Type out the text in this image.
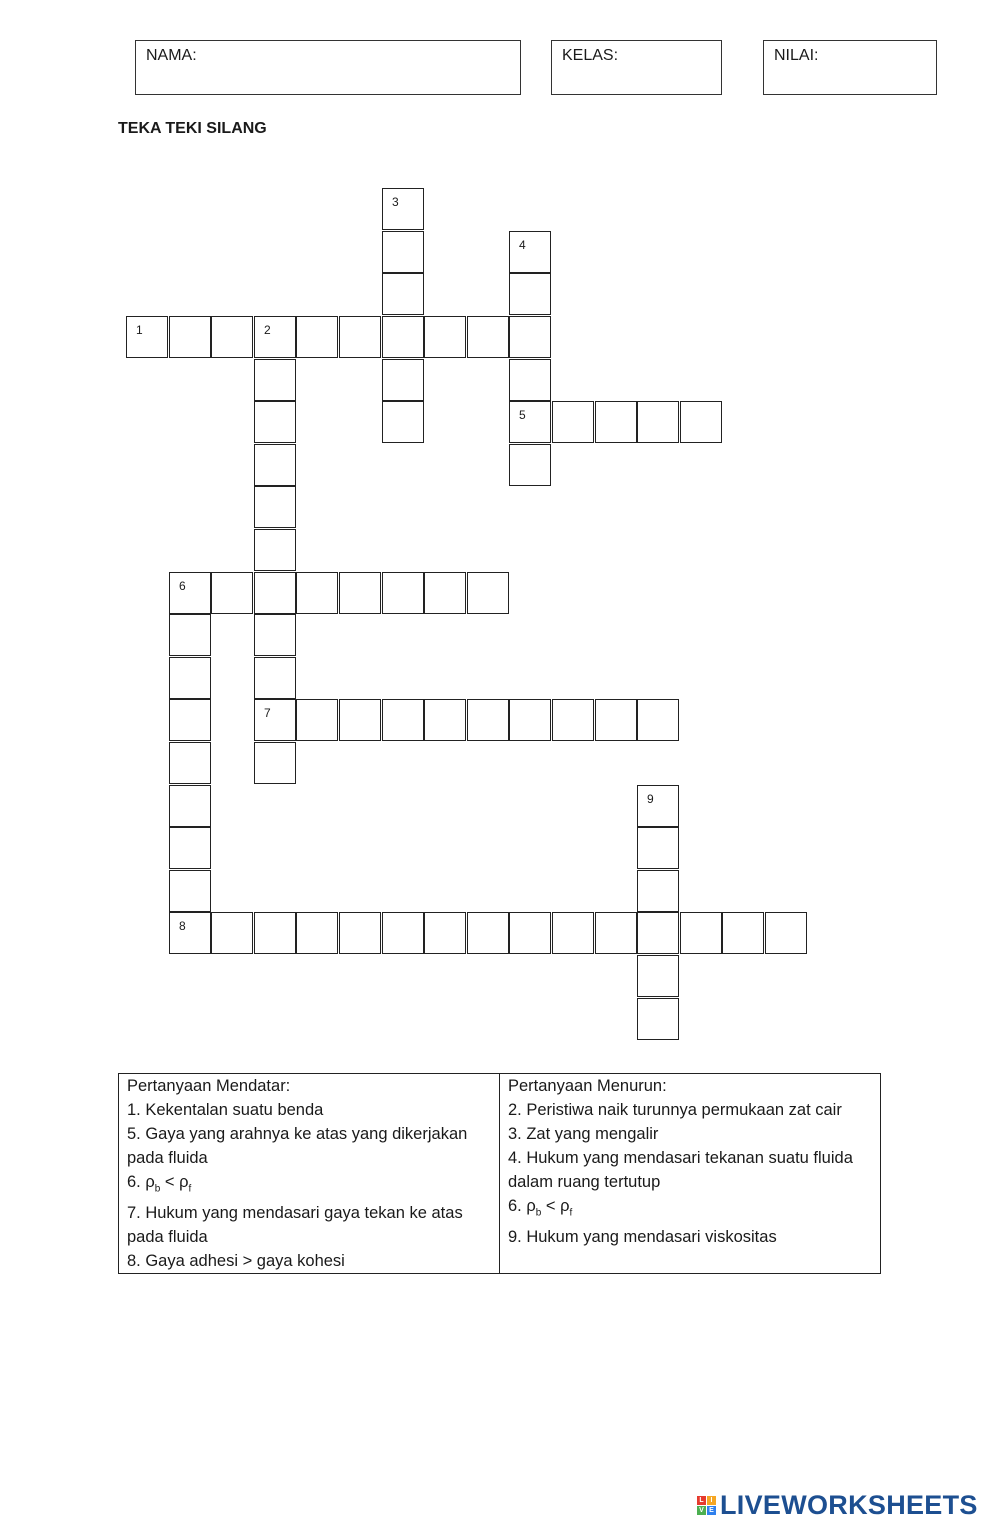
NAMA:	KELAS:	NILAI:
TEKA TEKI SILANG
1	2
7
3
4
5
6
8
9
Pertanyaan Mendatar:
1. Kekentalan suatu benda
5. Gaya yang arahnya ke atas yang dikerjakan pada fluida
6. $\rho_b < \rho_f$
7. Hukum yang mendasari gaya tekan ke atas pada fluida
8. Gaya adhesi > gaya kohesi

Pertanyaan Menurun:
2. Peristiwa naik turunnya permukaan zat cair
3. Zat yang mengalir
4. Hukum yang mendasari tekanan suatu fluida dalam ruang tertutup
6. $\rho_b < \rho_f$
9. Hukum yang mendasari viskositas
L I
V E LIVEWORKSHEETS
